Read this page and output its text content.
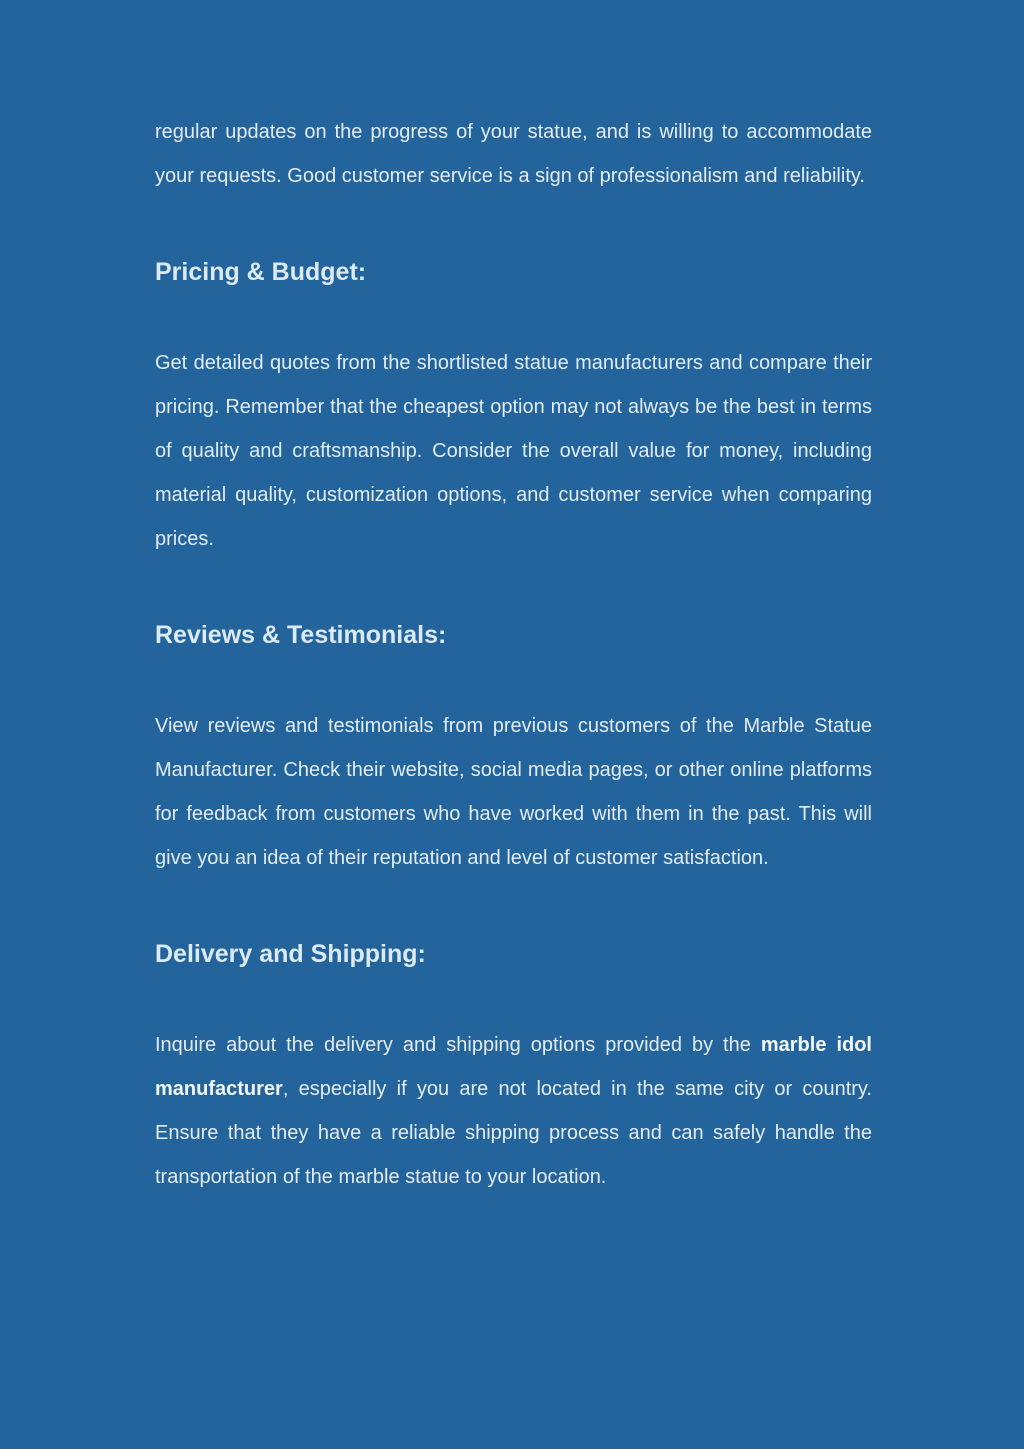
regular updates on the progress of your statue, and is willing to accommodate your requests. Good customer service is a sign of professionalism and reliability.

Pricing & Budget:

Get detailed quotes from the shortlisted statue manufacturers and compare their pricing. Remember that the cheapest option may not always be the best in terms of quality and craftsmanship. Consider the overall value for money, including material quality, customization options, and customer service when comparing prices.

Reviews & Testimonials:

View reviews and testimonials from previous customers of the Marble Statue Manufacturer. Check their website, social media pages, or other online platforms for feedback from customers who have worked with them in the past. This will give you an idea of their reputation and level of customer satisfaction.

Delivery and Shipping:

Inquire about the delivery and shipping options provided by the marble idol manufacturer, especially if you are not located in the same city or country. Ensure that they have a reliable shipping process and can safely handle the transportation of the marble statue to your location.
